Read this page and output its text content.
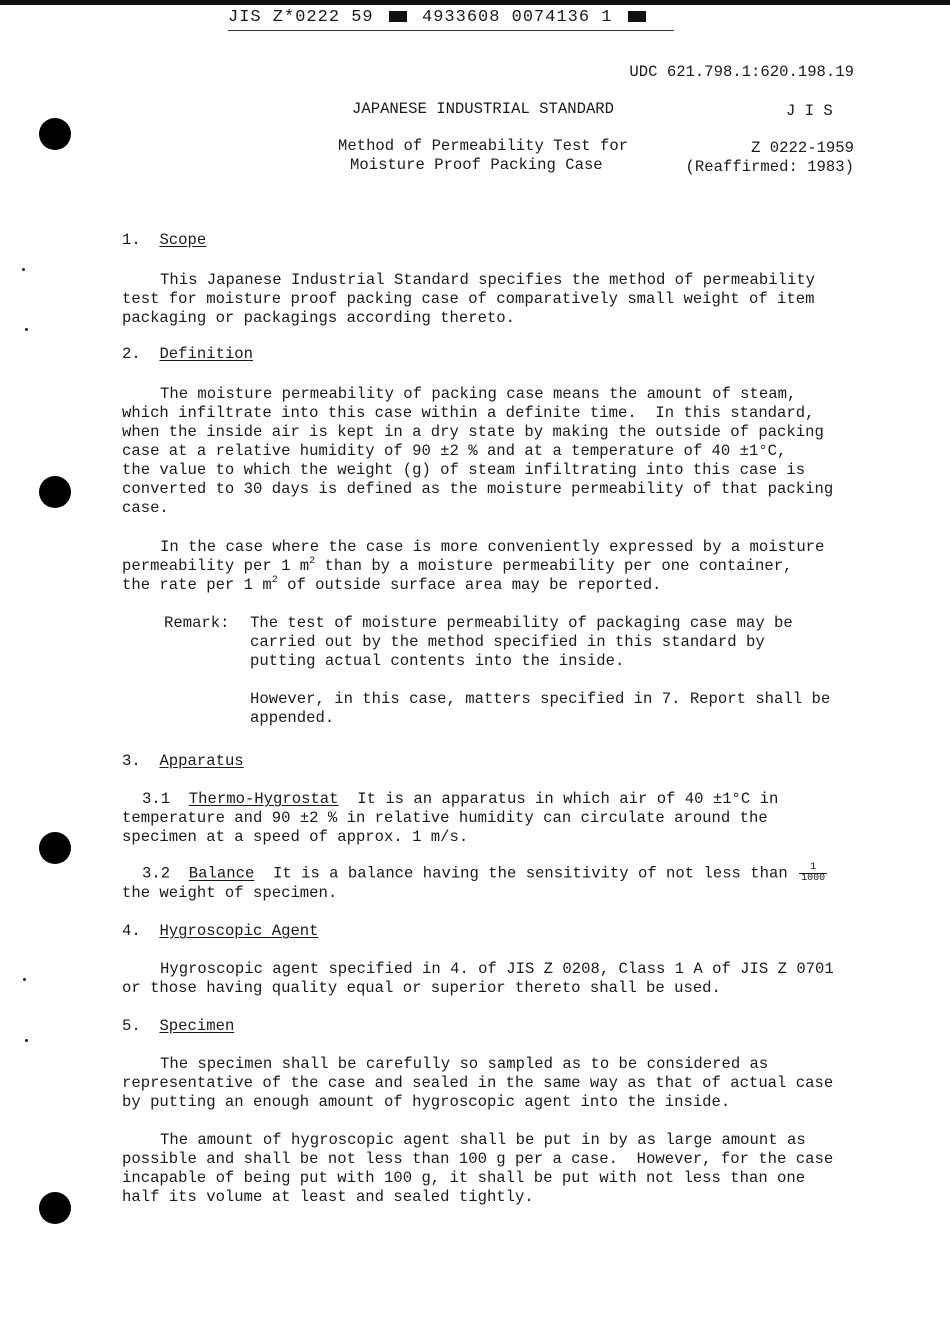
JIS Z*0222 59	4933608 0074136 1
UDC 621.798.1:620.198.19
JAPANESE INDUSTRIAL STANDARD	J I S
Method of Permeability Test for
Moisture Proof Packing Case
Z 0222-1959
(Reaffirmed: 1983)
1. Scope
This Japanese Industrial Standard specifies the method of permeability
test for moisture proof packing case of comparatively small weight of item
packaging or packagings according thereto.
2. Definition
The moisture permeability of packing case means the amount of steam,
which infiltrate into this case within a definite time.  In this standard,
when the inside air is kept in a dry state by making the outside of packing
case at a relative humidity of 90 ±2 % and at a temperature of 40 ±1°C,
the value to which the weight (g) of steam infiltrating into this case is
converted to 30 days is defined as the moisture permeability of that packing
case.
In the case where the case is more conveniently expressed by a moisture
permeability per 1 $m^2$ than by a moisture permeability per one container,
the rate per 1 $m^2$ of outside surface area may be reported.
Remark: The test of moisture permeability of packaging case may be
carried out by the method specified in this standard by
putting actual contents into the inside.
However, in this case, matters specified in 7. Report shall be
appended.
3. Apparatus
3.1 Thermo-Hygrostat  It is an apparatus in which air of 40 ±1°C in
temperature and 90 ±2 % in relative humidity can circulate around the
specimen at a speed of approx. 1 m/s.
3.2 Balance  It is a balance having the sensitivity of not less than $\frac{1}{1000}$
the weight of specimen.
4. Hygroscopic Agent
Hygroscopic agent specified in 4. of JIS Z 0208, Class 1 A of JIS Z 0701
or those having quality equal or superior thereto shall be used.
5. Specimen
The specimen shall be carefully so sampled as to be considered as
representative of the case and sealed in the same way as that of actual case
by putting an enough amount of hygroscopic agent into the inside.
The amount of hygroscopic agent shall be put in by as large amount as
possible and shall be not less than 100 g per a case.  However, for the case
incapable of being put with 100 g, it shall be put with not less than one
half its volume at least and sealed tightly.
